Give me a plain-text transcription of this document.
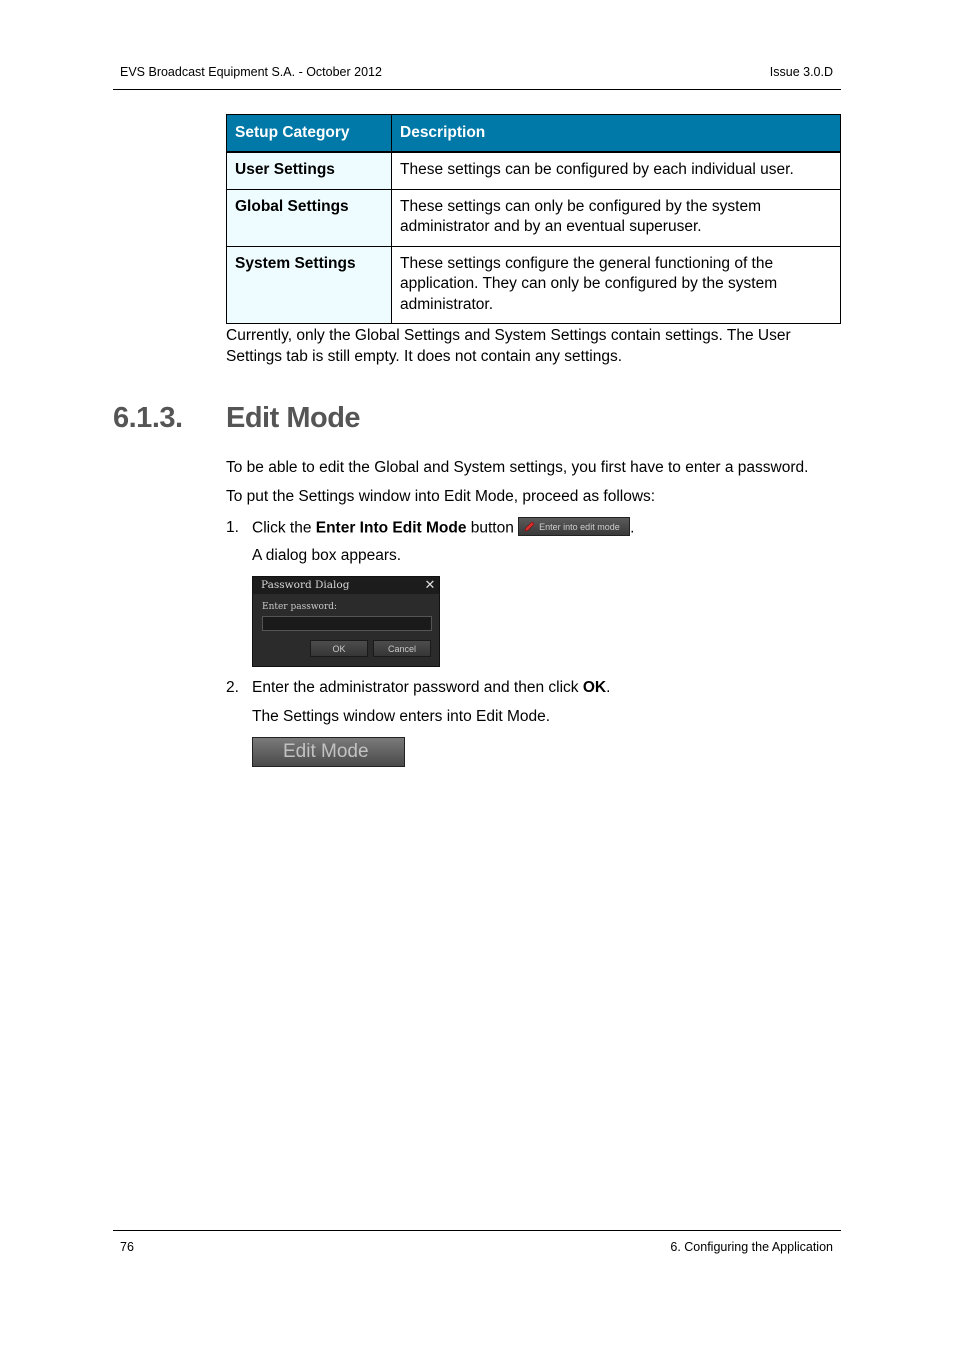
EVS Broadcast Equipment S.A. - October 2012	Issue 3.0.D
Setup Category	Description
User Settings	These settings can be configured by each individual user.
Global Settings	These settings can only be configured by the system administrator and by an eventual superuser.
System Settings	These settings configure the general functioning of the application. They can only be configured by the system administrator.
Currently, only the Global Settings and System Settings contain settings. The User Settings tab is still empty. It does not contain any settings.
6.1.3. Edit Mode
To be able to edit the Global and System settings, you first have to enter a password.
To put the Settings window into Edit Mode, proceed as follows:
1. Click the Enter Into Edit Mode button	Enter into edit mode .
A dialog box appears.
Password Dialog	✕
Enter password:
OK	Cancel
2. Enter the administrator password and then click OK.
The Settings window enters into Edit Mode.
Edit Mode
76	6. Configuring the Application
